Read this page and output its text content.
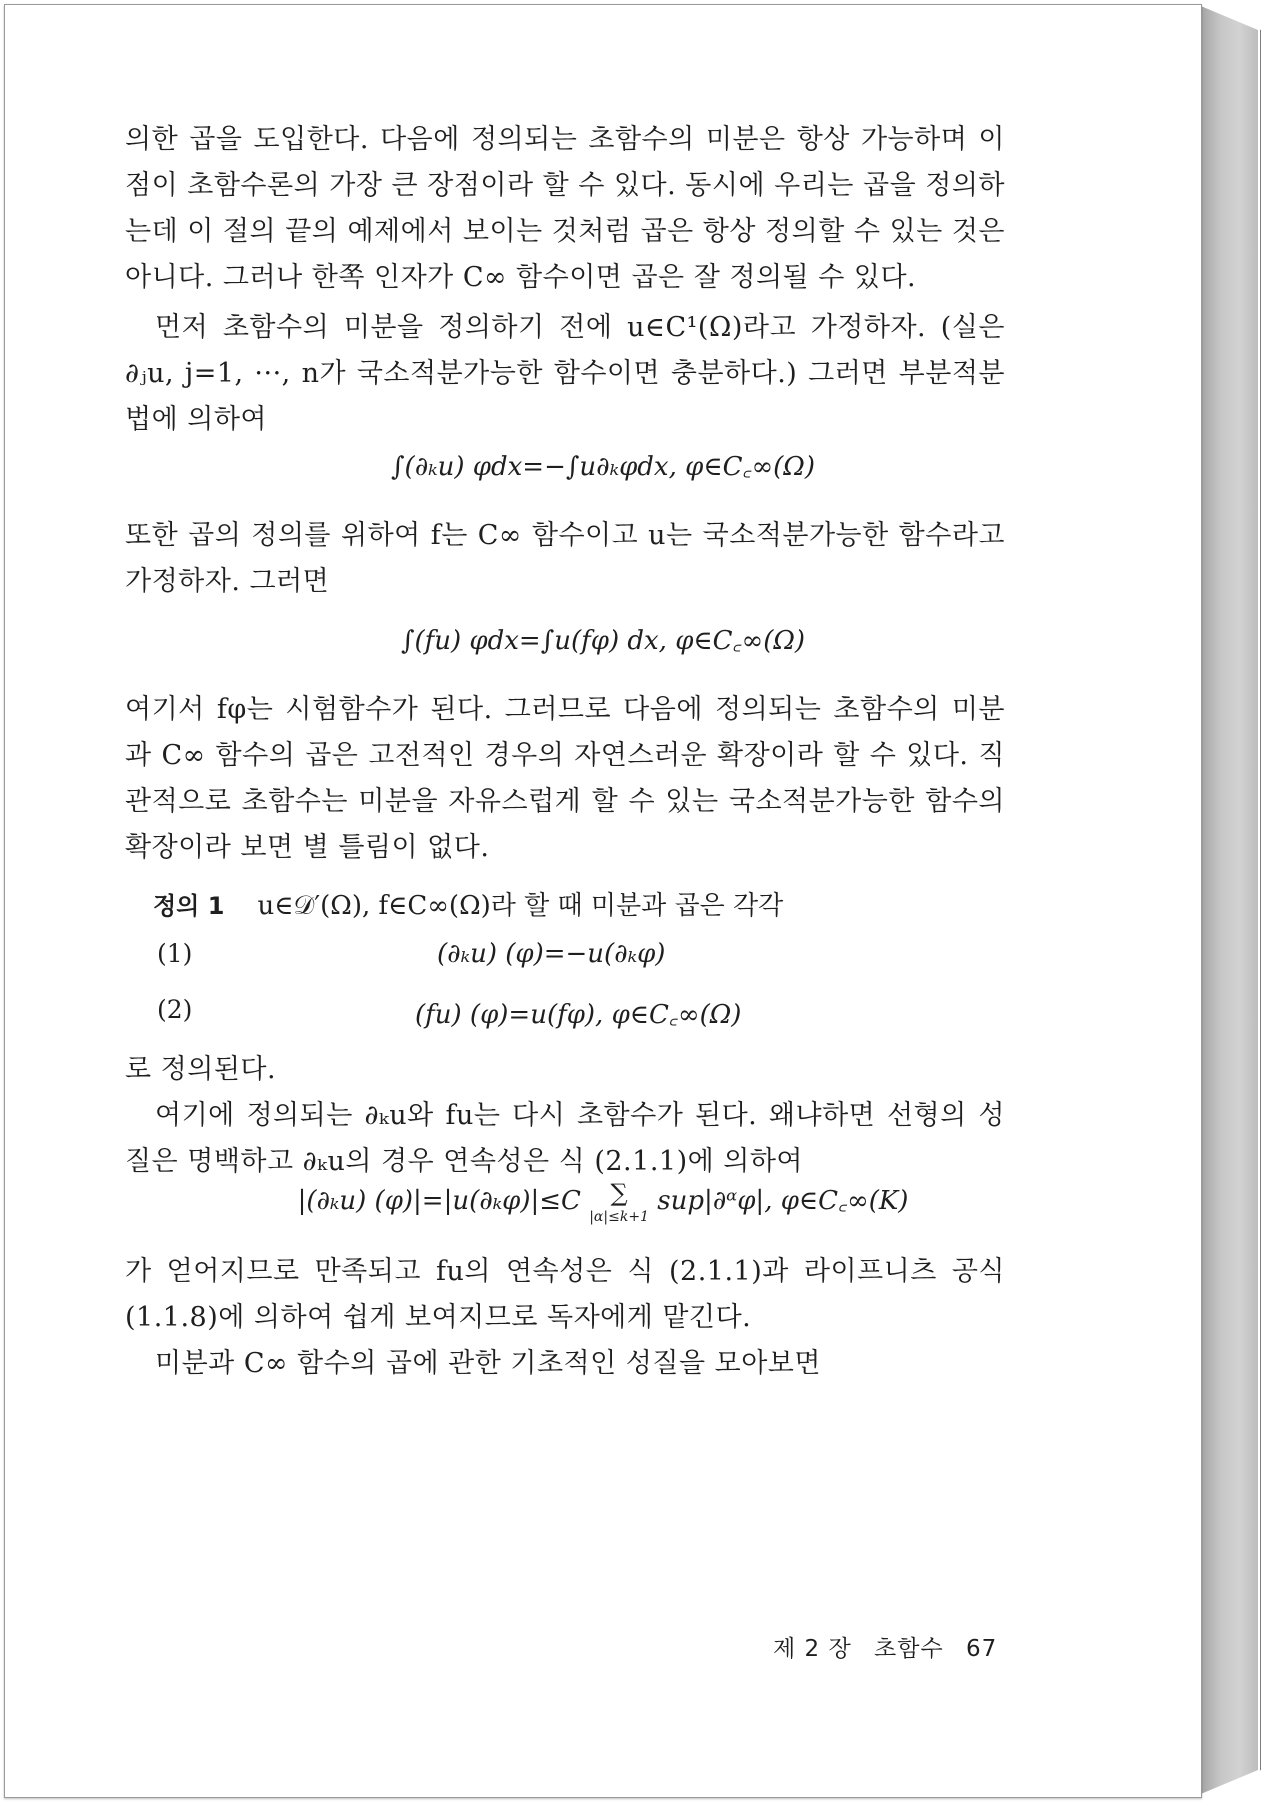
의한 곱을 도입한다. 다음에 정의되는 초함수의 미분은 항상 가능하며 이 점이 초함수론의 가장 큰 장점이라 할 수 있다. 동시에 우리는 곱을 정의하는데 이 절의 끝의 예제에서 보이는 것처럼 곱은 항상 정의할 수 있는 것은 아니다. 그러나 한쪽 인자가 C∞ 함수이면 곱은 잘 정의될 수 있다.

먼저 초함수의 미분을 정의하기 전에 u∈C¹(Ω)라고 가정하자. (실은 ∂ⱼu, j=1, ···, n가 국소적분가능한 함수이면 충분하다.) 그러면 부분적분법에 의하여

∫(∂ₖu) φdx=−∫u∂ₖφdx, φ∈C꜀∞(Ω)

또한 곱의 정의를 위하여 f는 C∞ 함수이고 u는 국소적분가능한 함수라고 가정하자. 그러면

∫(fu) φdx=∫u(fφ) dx, φ∈C꜀∞(Ω)

여기서 fφ는 시험함수가 된다. 그러므로 다음에 정의되는 초함수의 미분과 C∞ 함수의 곱은 고전적인 경우의 자연스러운 확장이라 할 수 있다. 직관적으로 초함수는 미분을 자유스럽게 할 수 있는 국소적분가능한 함수의 확장이라 보면 별 틀림이 없다.

정의 1 u∈𝒟′(Ω), f∈C∞(Ω)라 할 때 미분과 곱은 각각
(1)	(∂ₖu) (φ)=−u(∂ₖφ)
(2)	(fu) (φ)=u(fφ), φ∈C꜀∞(Ω)

로 정의된다.

여기에 정의되는 ∂ₖu와 fu는 다시 초함수가 된다. 왜냐하면 선형의 성질은 명백하고 ∂ₖu의 경우 연속성은 식 (2.1.1)에 의하여

|(∂ₖu) (φ)|=|u(∂ₖφ)|≤C ∑
|α|≤k+1
sup|∂ᵅφ|, φ∈C꜀∞(K)

가 얻어지므로 만족되고 fu의 연속성은 식 (2.1.1)과 라이프니츠 공식 (1.1.8)에 의하여 쉽게 보여지므로 독자에게 맡긴다.

미분과 C∞ 함수의 곱에 관한 기초적인 성질을 모아보면

제 2 장 초함수 67
